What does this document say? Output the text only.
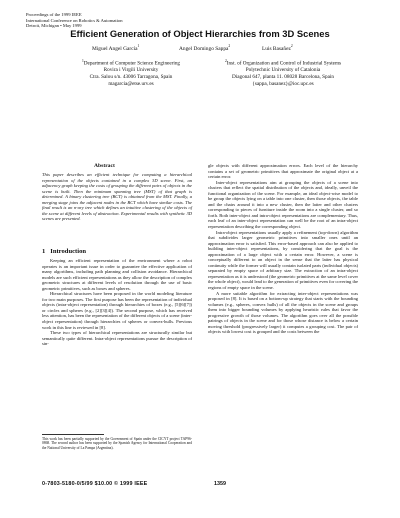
Proceedings of the 1999 IEEE
International Conference on Robotics & Automation
Detroit, Michigan • May 1999
Efficient Generation of Object Hierarchies from 3D Scenes
Miguel Angel García$^1$	Angel Domingo Sappa$^2$	Luis Basañez$^2$
$^1$Department of Computer Science Engineering
Rovira i Virgili University
Ctra. Salou s/n. 43006 Tarragona, Spain
magarcia@etse.urv.es
$^2$Inst. of Organization and Control of Industrial Systems
Polytechnic University of Catalonia
Diagonal 647, planta 11. 08028 Barcelona, Spain
{sappa, basanez}@ioc.upc.es
Abstract

This paper describes an efficient technique for computing a hierarchical representation of the objects contained in a complex 3D scene. First, an adjacency graph keeping the costs of grouping the different pairs of objects in the scene is built. Then the minimum spanning tree (MST) of that graph is determined. A binary clustering tree (BCT) is obtained from the MST. Finally, a merging stage joins the adjacent nodes in the BCT which have similar costs. The final result is an n-ary tree which defines an intuitive clustering of the objects of the scene at different levels of abstraction. Experimental results with synthetic 3D scenes are presented.

1 Introduction

Keeping an efficient representation of the environment where a robot operates is an important issue in order to guarantee the effective application of many algorithms, including path planning and collision avoidance. Hierarchical models are such efficient representations as they allow the description of complex geometric structures at different levels of resolution through the use of basic geometric primitives, such as boxes and spheres.

Hierarchical structures have been proposed in the world modeling literature for two main purposes. The first purpose has been the representation of individual objects (intra-object representation) through hierarchies of boxes (e.g., [5][6][7]) or circles and spheres (e.g., [2][3][4]). The second purpose, which has received less attention, has been the representation of the different objects of a scene (inter-object representation) through hierarchies of spheres or convex-hulls. Previous work in this line is reviewed in [8].

These two types of hierarchical representations are structurally similar but semantically quite different. Intra-object representations pursue the description of sin-

This work has been partially supported by the Government of Spain under the CICYT project TAP96-0868. The second author has been supported by the Spanish Agency for International Cooperation and the National University of La Pampa (Argentina).

gle objects with different approximation errors. Each level of the hierarchy contains a set of geometric primitives that approximate the original object at a certain error.

Inter-object representations aim at grouping the objects of a scene into clusters that reflect the spatial distribution of the objects and, ideally, unveil the functional organization of the scene. For example, an ideal object-wise model to be group the objects lying on a table into one cluster, then those objects, the table and the chairs around it into a new cluster, then the latter and other clusters corresponding to pieces of furniture inside the room into a single cluster, and so forth. Both inter-object and intra-object representations are complementary. Thus, each leaf of an inter-object representation can well be the root of an intra-object representation describing the corresponding object.

Intra-object representations usually apply a refinement (top-down) algorithm that subdivides larger geometric primitives into smaller ones until an approximation error is satisfied. This error-based approach can also be applied to building inter-object representations, by considering that the goal is the approximation of a large object with a certain error. However, a scene is conceptually different to an object in the sense that the latter has physical continuity while the former will usually contain isolated parts (individual objects) separated by empty space of arbitrary size. The extraction of an intra-object representation as it is understood (the geometric primitives at the same level cover the whole object), would lead to the generation of primitives even for covering the regions of empty space in the scene.

A more suitable algorithm for extracting inter-object representations was proposed in [8]. It is based on a bottom-up strategy that starts with the bounding volumes (e.g., spheres, convex hulls) of all the objects in the scene and groups them into bigger bounding volumes by applying heuristic rules that favor the progressive growth of those volumes. The algorithm goes over all the possible pairings of objects in the scene and for those whose distance is below a certain moving threshold (progressively larger) it computes a grouping cost. The pair of objects with lowest cost is grouped and the costs between the

0-7803-5180-0/5/99 $10.00 © 1999 IEEE	1359
